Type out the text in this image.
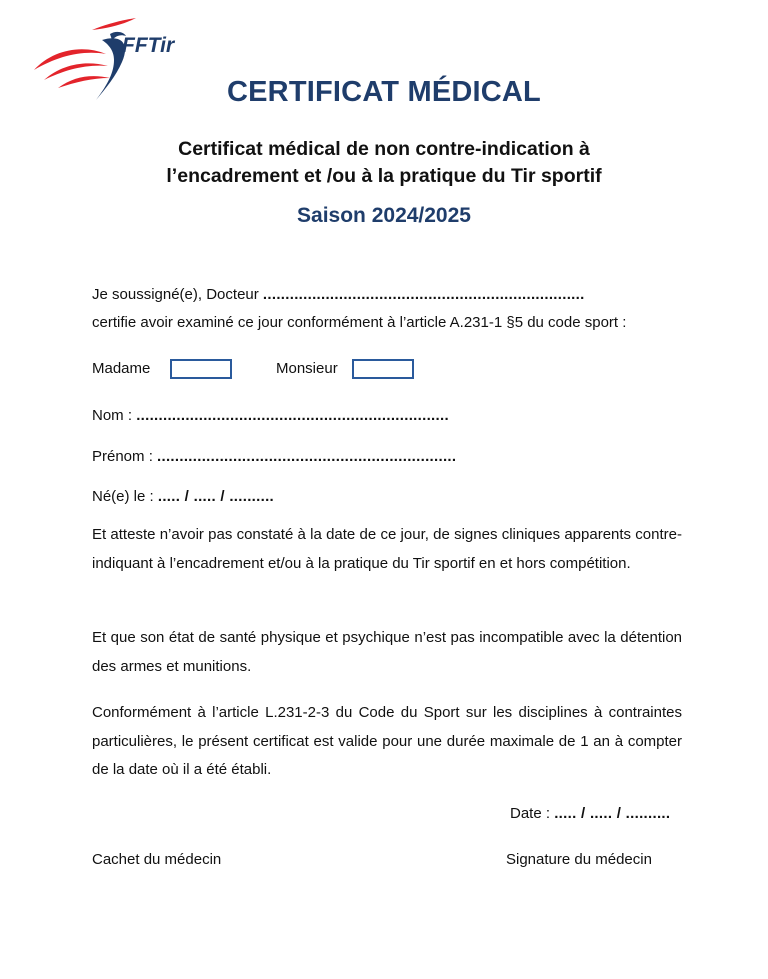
FFTir
CERTIFICAT MÉDICAL
Certificat médical de non contre-indication à
l’encadrement et /ou à la pratique du Tir sportif
Saison 2024/2025
Je soussigné(e), Docteur ........................................................................
certifie avoir examiné ce jour conformément à l’article A.231-1 §5 du code sport :
Madame	Monsieur
Nom : ......................................................................
Prénom : ...................................................................
Né(e) le : ..... / ..... / ..........
Et atteste n’avoir pas constaté à la date de ce jour, de signes cliniques apparents contre-indiquant à l’encadrement et/ou à la pratique du Tir sportif en et hors compétition.
Et que son état de santé physique et psychique n’est pas incompatible avec la détention des armes et munitions.
Conformément à l’article L.231-2-3 du Code du Sport sur les disciplines à contraintes particulières, le présent certificat est valide pour une durée maximale de 1 an à compter de la date où il a été établi.
Date : ..... / ..... / ..........
Cachet du médecin	Signature du médecin
